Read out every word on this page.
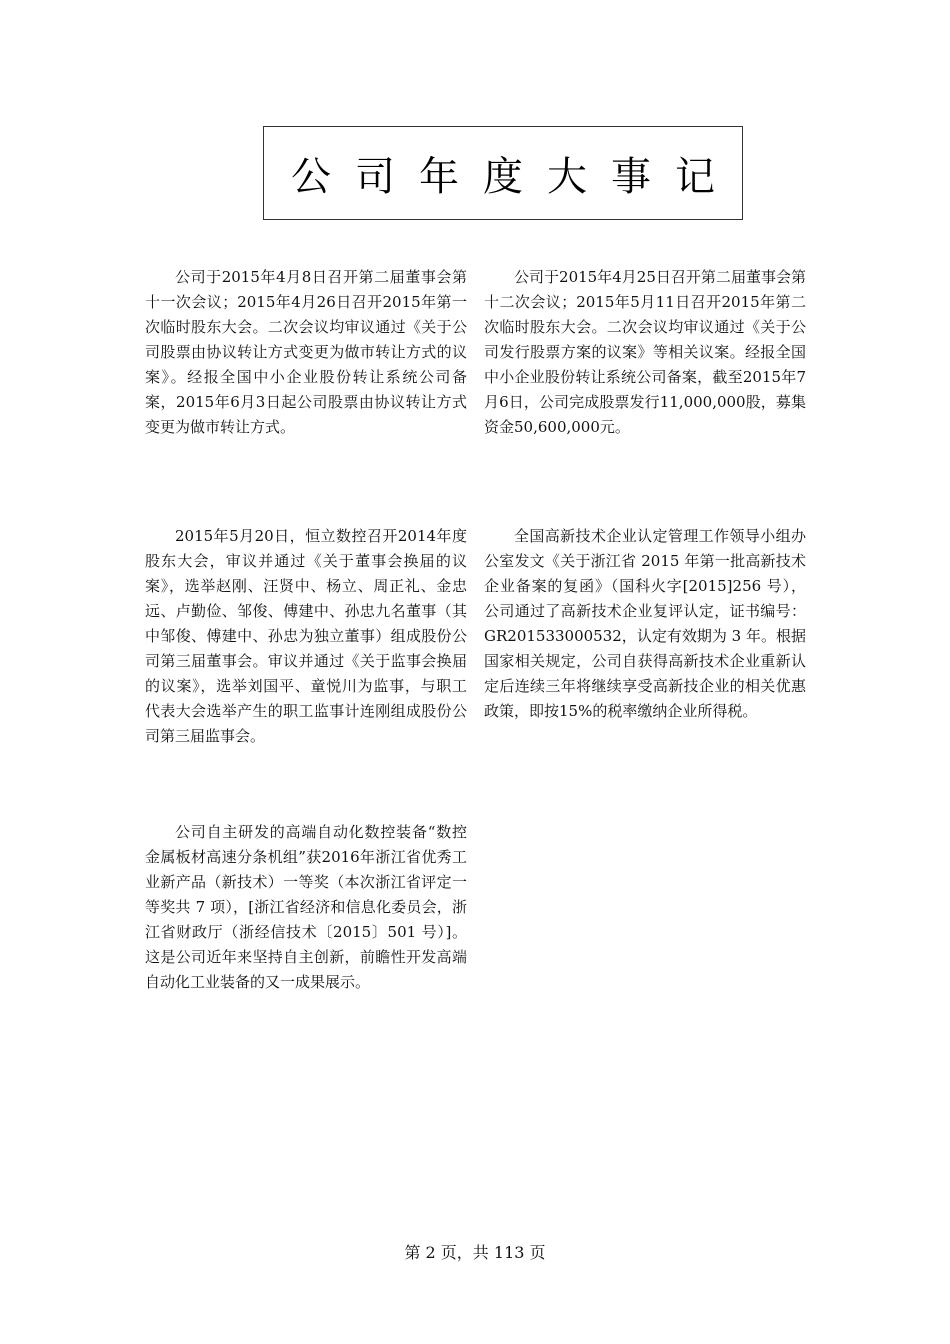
公司年度大事记

公司于2015年4月8日召开第二届董事会第十一次会议；2015年4月26日召开2015年第一次临时股东大会。二次会议均审议通过《关于公司股票由协议转让方式变更为做市转让方式的议案》。经报全国中小企业股份转让系统公司备案，2015年6月3日起公司股票由协议转让方式变更为做市转让方式。

公司于2015年4月25日召开第二届董事会第十二次会议；2015年5月11日召开2015年第二次临时股东大会。二次会议均审议通过《关于公司发行股票方案的议案》等相关议案。经报全国中小企业股份转让系统公司备案，截至2015年7月6日，公司完成股票发行11,000,000股，募集资金50,600,000元。

2015年5月20日，恒立数控召开2014年度股东大会，审议并通过《关于董事会换届的议案》，选举赵刚、汪贤中、杨立、周正礼、金忠远、卢勤俭、邹俊、傅建中、孙忠九名董事（其中邹俊、傅建中、孙忠为独立董事）组成股份公司第三届董事会。审议并通过《关于监事会换届的议案》，选举刘国平、童悦川为监事，与职工代表大会选举产生的职工监事计连刚组成股份公司第三届监事会。

全国高新技术企业认定管理工作领导小组办公室发文《关于浙江省 2015 年第一批高新技术企业备案的复函》（国科火字[2015]256 号），公司通过了高新技术企业复评认定，证书编号：GR201533000532，认定有效期为 3 年。根据国家相关规定，公司自获得高新技术企业重新认定后连续三年将继续享受高新技企业的相关优惠政策，即按15%的税率缴纳企业所得税。

公司自主研发的高端自动化数控装备“数控金属板材高速分条机组”获2016年浙江省优秀工业新产品（新技术）一等奖（本次浙江省评定一等奖共 7 项），[浙江省经济和信息化委员会，浙江省财政厅（浙经信技术〔2015〕501 号）]。这是公司近年来坚持自主创新，前瞻性开发高端自动化工业装备的又一成果展示。

第 2 页，共 113 页
